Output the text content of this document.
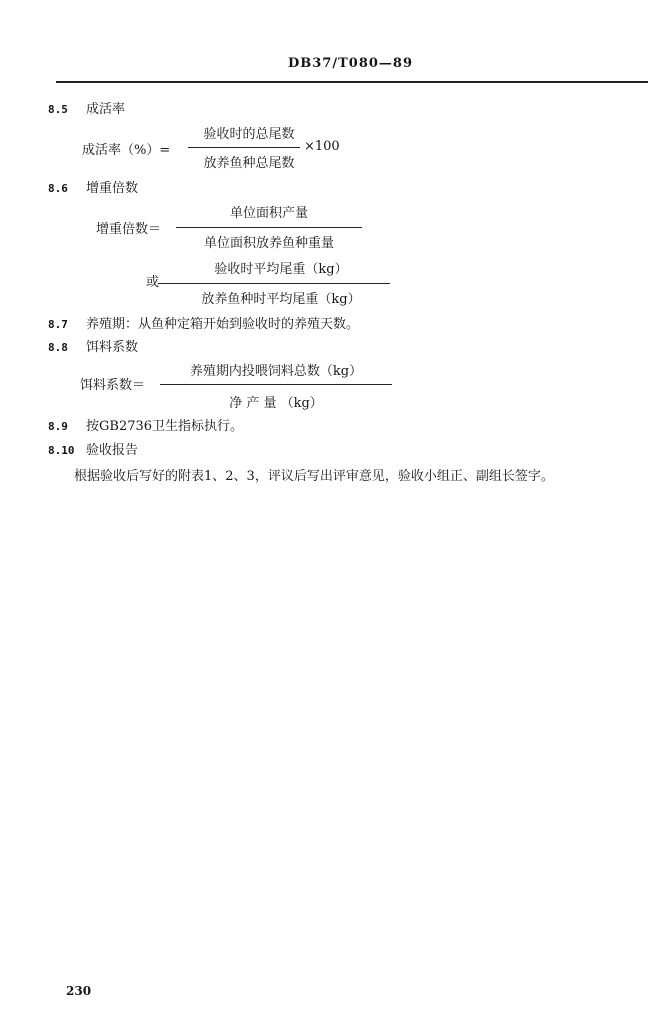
DB37/T080—89
8.5 成活率
成活率（%）=
验收时的总尾数
放养鱼种总尾数
×100
8.6 增重倍数
增重倍数＝
单位面积产量
单位面积放养鱼种重量
或
验收时平均尾重（kg）
放养鱼种时平均尾重（kg）
8.7 养殖期：从鱼种定箱开始到验收时的养殖天数。
8.8 饵料系数
饵料系数＝
养殖期内投喂饲料总数（kg）
净 产 量 （kg）
8.9 按GB2736卫生指标执行。
8.10 验收报告
根据验收后写好的附表1、2、3，评议后写出评审意见，验收小组正、副组长签字。
230
